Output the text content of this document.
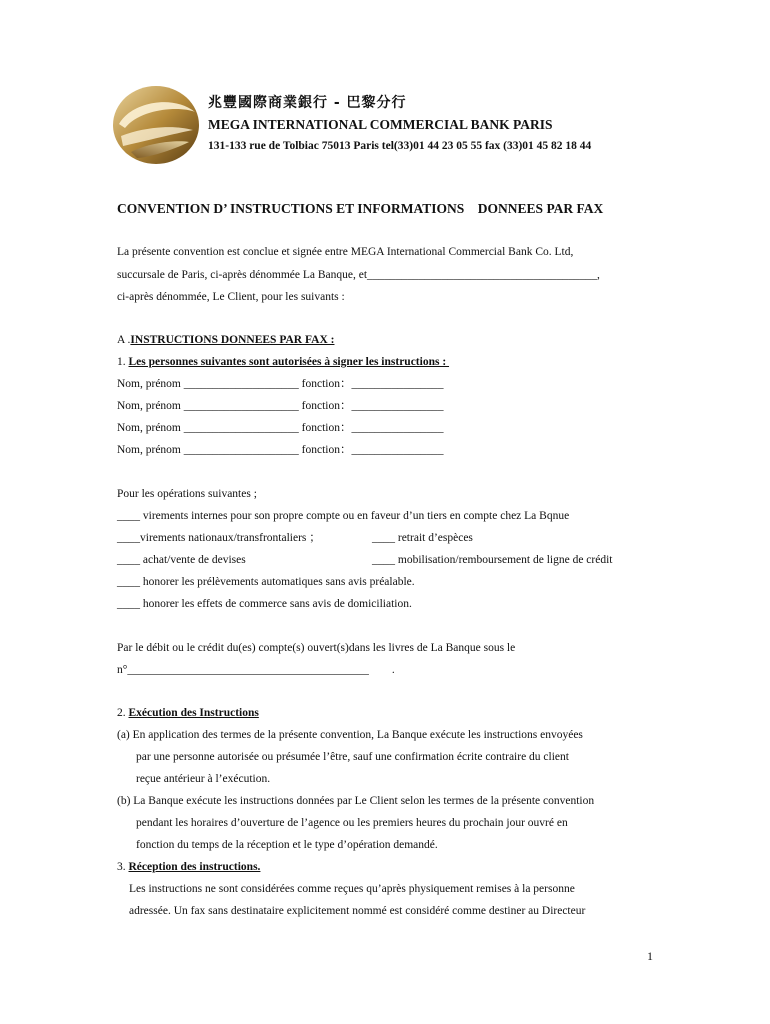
兆豐國際商業銀行 - 巴黎分行
MEGA INTERNATIONAL COMMERCIAL BANK PARIS
131-133 rue de Tolbiac 75013 Paris tel(33)01 44 23 05 55 fax (33)01 45 82 18 44
CONVENTION D’ INSTRUCTIONS ET INFORMATIONS    DONNEES PAR FAX
La présente convention est conclue et signée entre MEGA International Commercial Bank Co. Ltd,
succursale de Paris, ci-après dénommée La Banque, et________________________________________,
ci-après dénommée, Le Client, pour les suivants :
A .INSTRUCTIONS DONNEES PAR FAX :
1. Les personnes suivantes sont autorisées à signer les instructions :
Nom, prénom ____________________ fonction：________________
Nom, prénom ____________________ fonction：________________
Nom, prénom ____________________ fonction：________________
Nom, prénom ____________________ fonction：________________
Pour les opérations suivantes ;
____ virements internes pour son propre compte ou en faveur d’un tiers en compte chez La Bqnue
____virements nationaux/transfrontaliers ；	____ retrait d’espèces
____ achat/vente de devises	____ mobilisation/remboursement de ligne de crédit
____ honorer les prélèvements automatiques sans avis préalable.
____ honorer les effets de commerce sans avis de domiciliation.
Par le débit ou le crédit du(es) compte(s) ouvert(s)dans les livres de La Banque sous le
n°__________________________________________        .
2. Exécution des Instructions
(a) En application des termes de la présente convention, La Banque exécute les instructions envoyées
par une personne autorisée ou présumée l’être, sauf une confirmation écrite contraire du client
reçue antérieur à l’exécution.
(b) La Banque exécute les instructions données par Le Client selon les termes de la présente convention
pendant les horaires d’ouverture de l’agence ou les premiers heures du prochain jour ouvré en
fonction du temps de la réception et le type d’opération demandé.
3. Réception des instructions.
Les instructions ne sont considérées comme reçues qu’après physiquement remises à la personne
adressée. Un fax sans destinataire explicitement nommé est considéré comme destiner au Directeur
1
